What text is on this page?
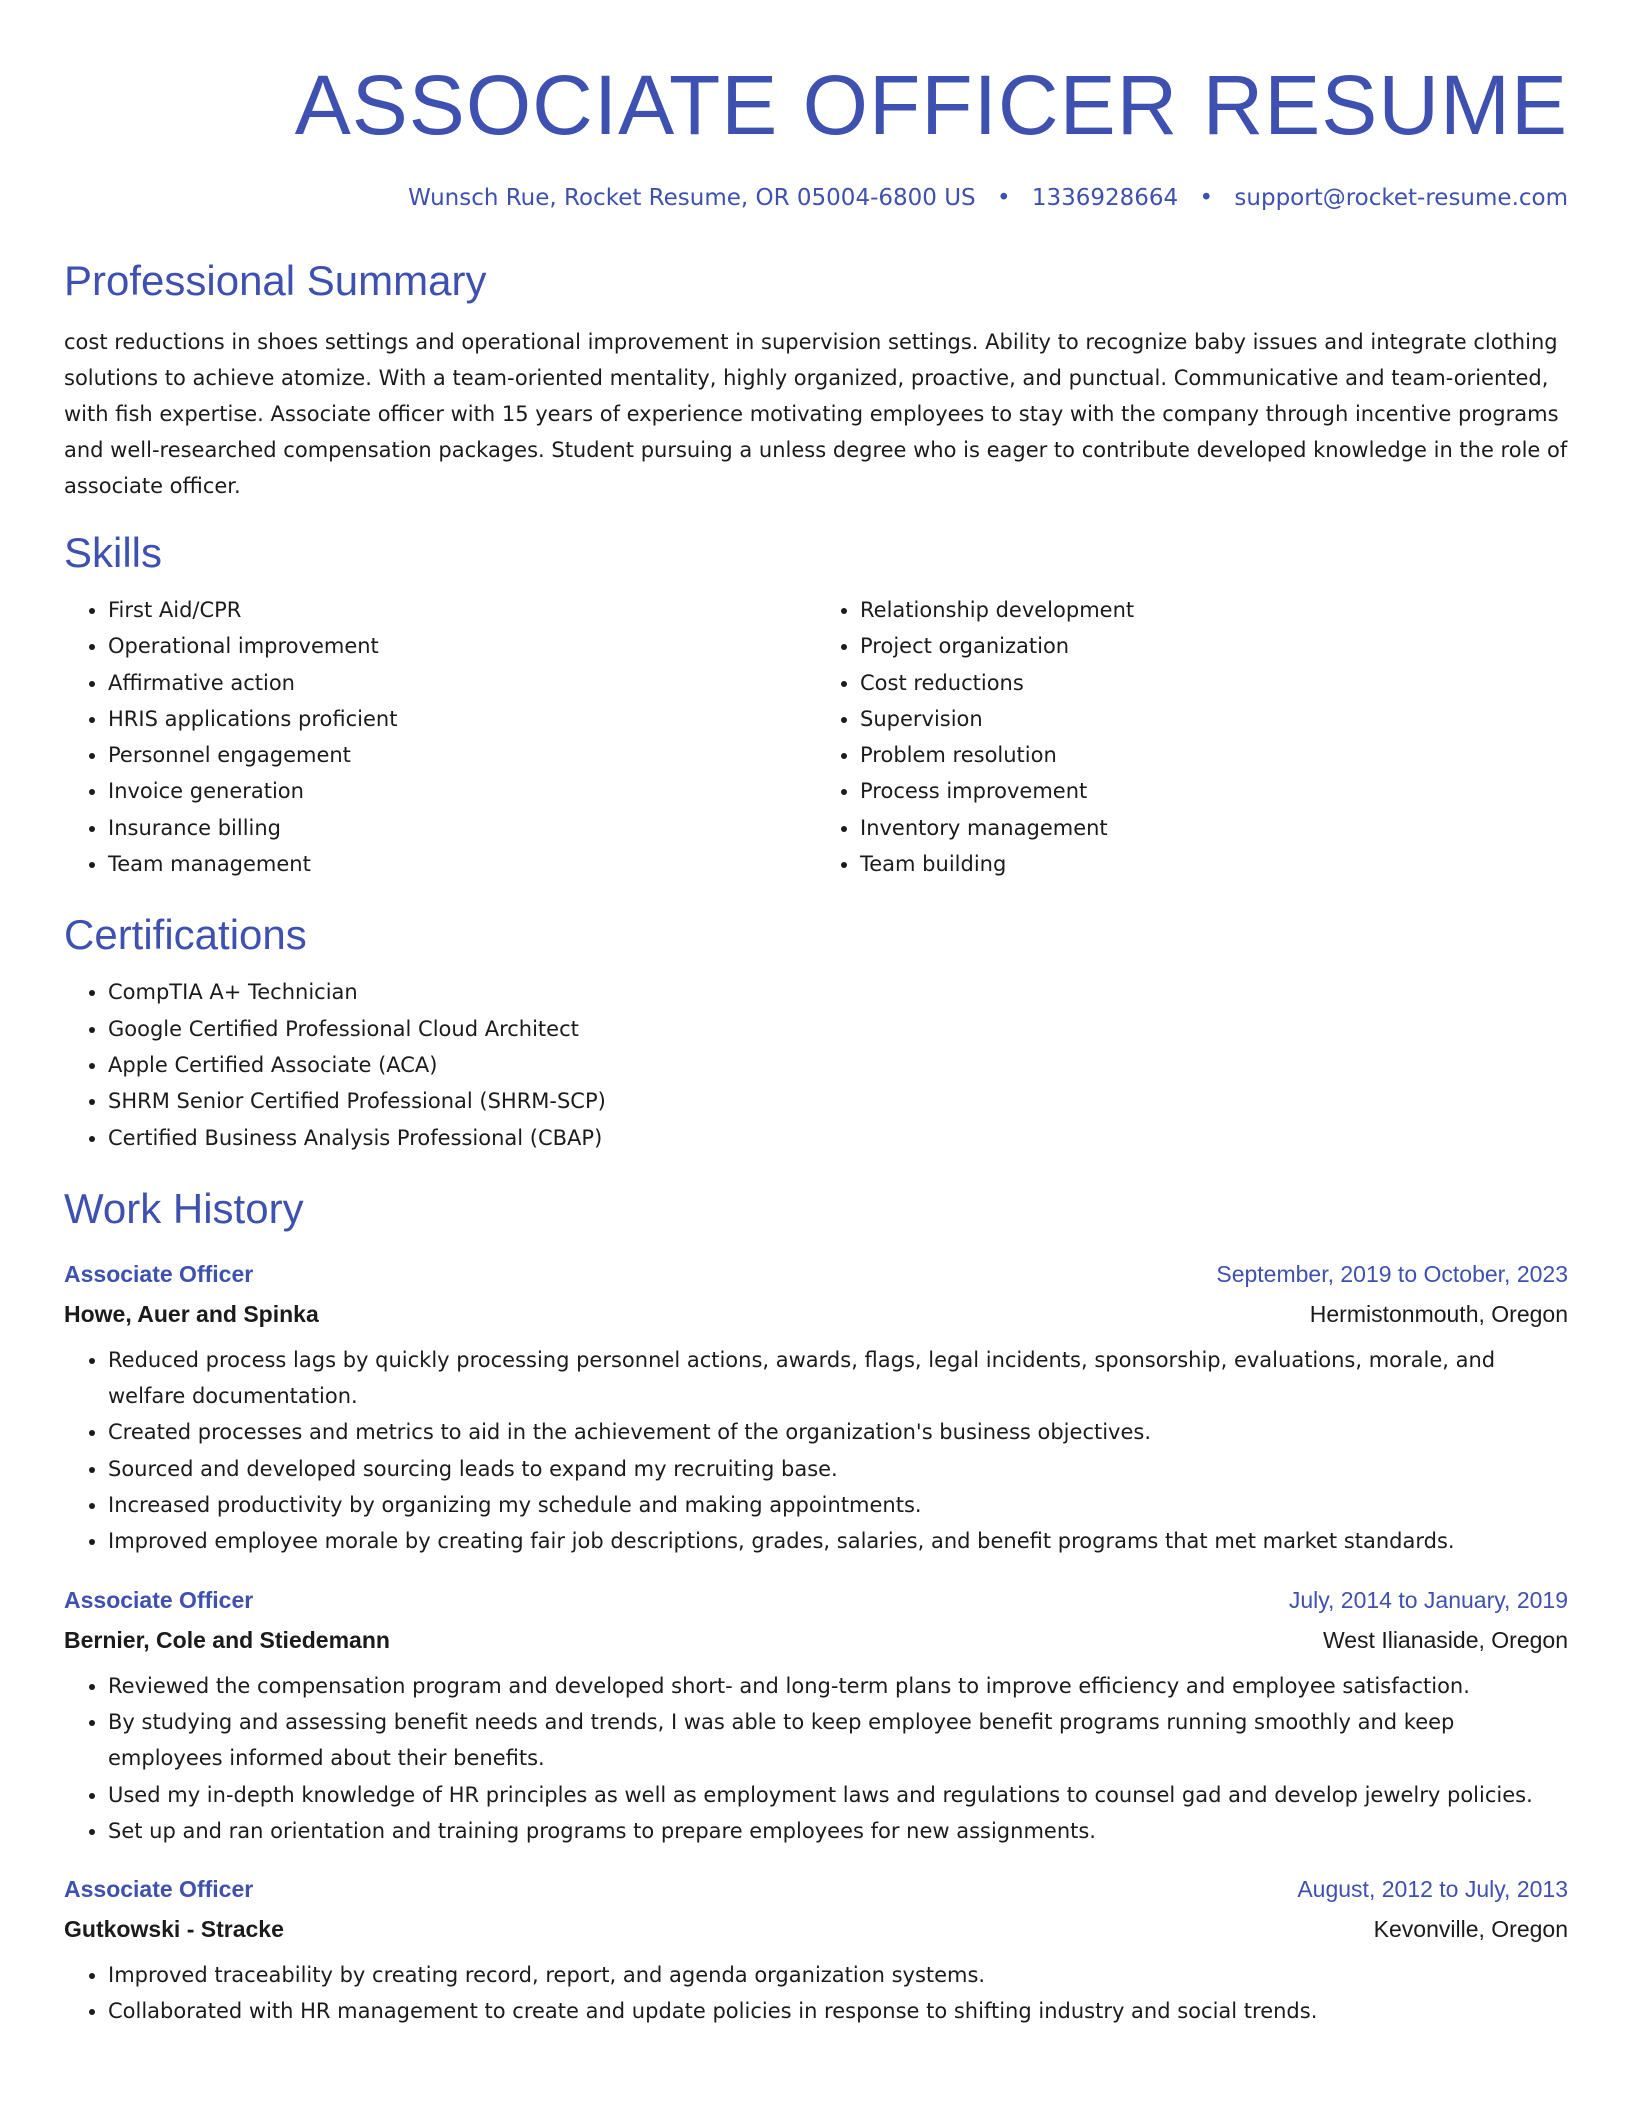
ASSOCIATE OFFICER RESUME
Wunsch Rue, Rocket Resume, OR 05004-6800 US • 1336928664 • support@rocket-resume.com
Professional Summary

cost reductions in shoes settings and operational improvement in supervision settings. Ability to recognize baby issues and integrate clothing solutions to achieve atomize. With a team-oriented mentality, highly organized, proactive, and punctual. Communicative and team-oriented, with fish expertise. Associate officer with 15 years of experience motivating employees to stay with the company through incentive programs and well-researched compensation packages. Student pursuing a unless degree who is eager to contribute developed knowledge in the role of associate officer.

Skills
• First Aid/CPR
• Operational improvement
• Affirmative action
• HRIS applications proficient
• Personnel engagement
• Invoice generation
• Insurance billing
• Team management
• Relationship development
• Project organization
• Cost reductions
• Supervision
• Problem resolution
• Process improvement
• Inventory management
• Team building
Certifications
• CompTIA A+ Technician
• Google Certified Professional Cloud Architect
• Apple Certified Associate (ACA)
• SHRM Senior Certified Professional (SHRM-SCP)
• Certified Business Analysis Professional (CBAP)
Work History
Associate Officer	September, 2019 to October, 2023
Howe, Auer and Spinka	Hermistonmouth, Oregon
• Reduced process lags by quickly processing personnel actions, awards, flags, legal incidents, sponsorship, evaluations, morale, and welfare documentation.
• Created processes and metrics to aid in the achievement of the organization's business objectives.
• Sourced and developed sourcing leads to expand my recruiting base.
• Increased productivity by organizing my schedule and making appointments.
• Improved employee morale by creating fair job descriptions, grades, salaries, and benefit programs that met market standards.
Associate Officer	July, 2014 to January, 2019
Bernier, Cole and Stiedemann	West Ilianaside, Oregon
• Reviewed the compensation program and developed short- and long-term plans to improve efficiency and employee satisfaction.
• By studying and assessing benefit needs and trends, I was able to keep employee benefit programs running smoothly and keep employees informed about their benefits.
• Used my in-depth knowledge of HR principles as well as employment laws and regulations to counsel gad and develop jewelry policies.
• Set up and ran orientation and training programs to prepare employees for new assignments.
Associate Officer	August, 2012 to July, 2013
Gutkowski - Stracke	Kevonville, Oregon
• Improved traceability by creating record, report, and agenda organization systems.
• Collaborated with HR management to create and update policies in response to shifting industry and social trends.
